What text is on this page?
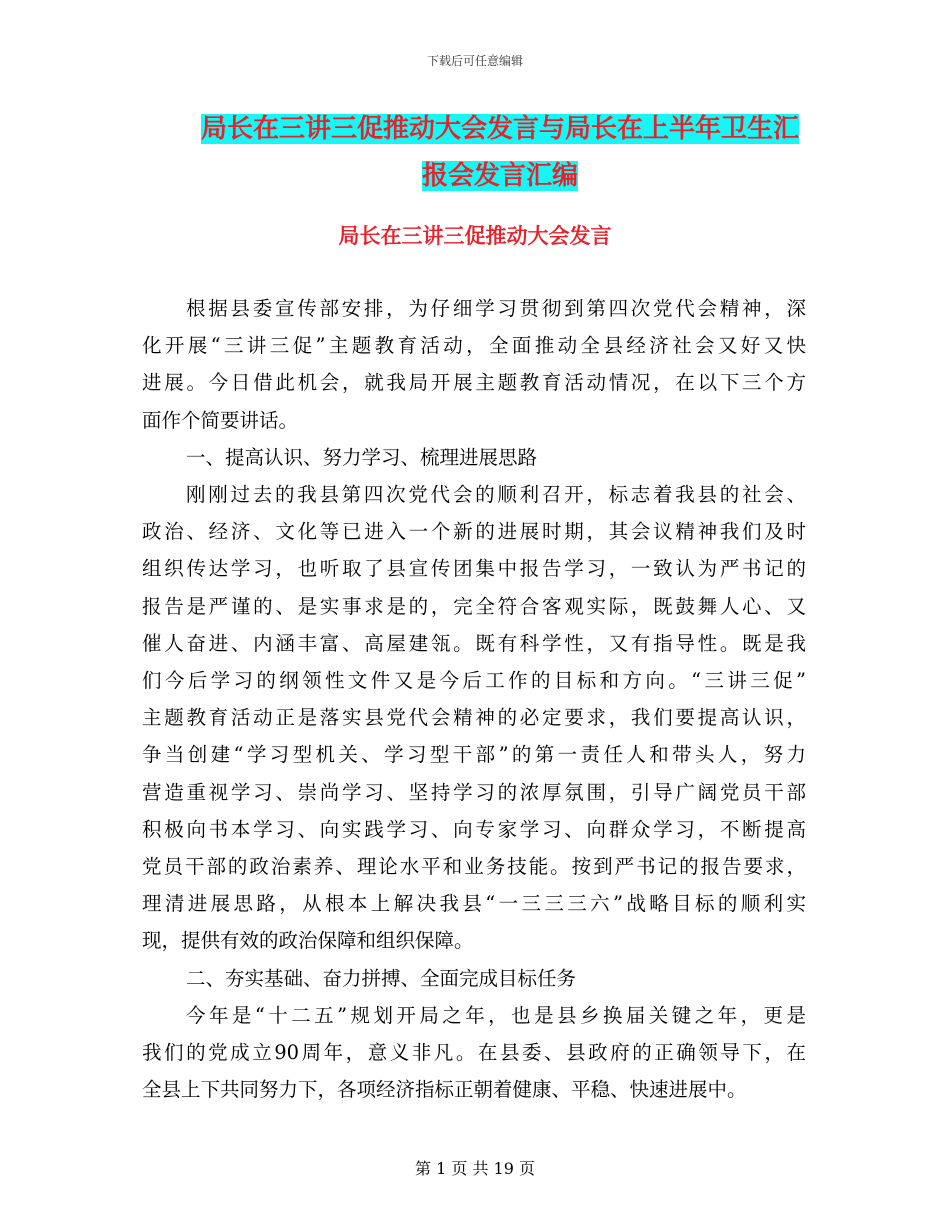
下载后可任意编辑
局长在三讲三促推动大会发言与局长在上半年卫生汇
报会发言汇编
局长在三讲三促推动大会发言

根据县委宣传部安排，为仔细学习贯彻到第四次党代会精神，深
化开展“三讲三促”主题教育活动，全面推动全县经济社会又好又快
进展。今日借此机会，就我局开展主题教育活动情况，在以下三个方
面作个简要讲话。

一、提高认识、努力学习、梳理进展思路

刚刚过去的我县第四次党代会的顺利召开，标志着我县的社会、
政治、经济、文化等已进入一个新的进展时期，其会议精神我们及时
组织传达学习，也听取了县宣传团集中报告学习，一致认为严书记的
报告是严谨的、是实事求是的，完全符合客观实际，既鼓舞人心、又
催人奋进、内涵丰富、高屋建瓴。既有科学性，又有指导性。既是我
们今后学习的纲领性文件又是今后工作的目标和方向。“三讲三促”
主题教育活动正是落实县党代会精神的必定要求，我们要提高认识，
争当创建“学习型机关、学习型干部”的第一责任人和带头人，努力
营造重视学习、崇尚学习、坚持学习的浓厚氛围，引导广阔党员干部
积极向书本学习、向实践学习、向专家学习、向群众学习，不断提高
党员干部的政治素养、理论水平和业务技能。按到严书记的报告要求，
理清进展思路，从根本上解决我县“一三三三六”战略目标的顺利实
现，提供有效的政治保障和组织保障。

二、夯实基础、奋力拼搏、全面完成目标任务

今年是“十二五”规划开局之年，也是县乡换届关键之年，更是
我们的党成立90周年，意义非凡。在县委、县政府的正确领导下，在
全县上下共同努力下，各项经济指标正朝着健康、平稳、快速进展中。

第 1 页 共 19 页
